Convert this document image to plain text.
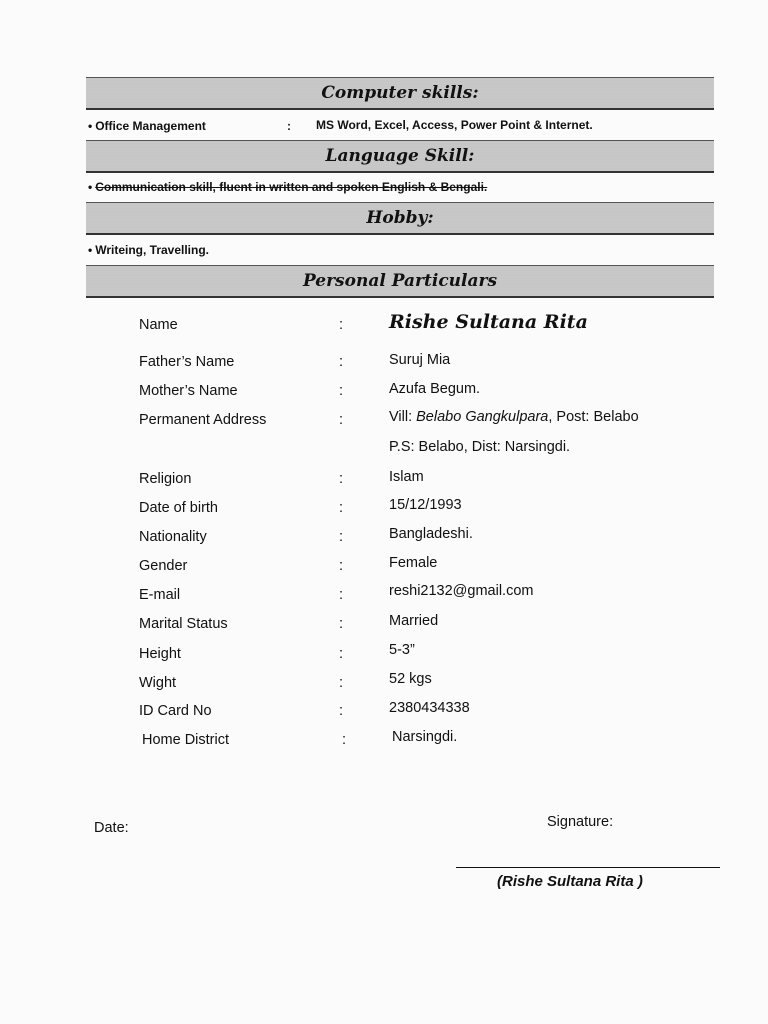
Computer skills:
• Office Management	: MS Word, Excel, Access, Power Point & Internet.
Language Skill:
• Communication skill, fluent in written and spoken English & Bengali.
Hobby:
• Writeing, Travelling.
Personal Particulars
Name	: Rishe Sultana Rita
Father’s Name	:	Suruj Mia
Mother’s Name	:	Azufa Begum.
Permanent Address	:	Vill: Belabo Gangkulpara, Post: Belabo
P.S: Belabo, Dist: Narsingdi.
Religion	:	Islam
Date of birth	:	15/12/1993
Nationality	:	Bangladeshi.
Gender	:	Female
E-mail	:	reshi2132@gmail.com
Marital Status	:	Married
Height	:	5-3”
Wight	:	52 kgs
ID Card No	:	2380434338
Home District	:	Narsingdi.
Date:	Signature:
(Rishe Sultana Rita )
